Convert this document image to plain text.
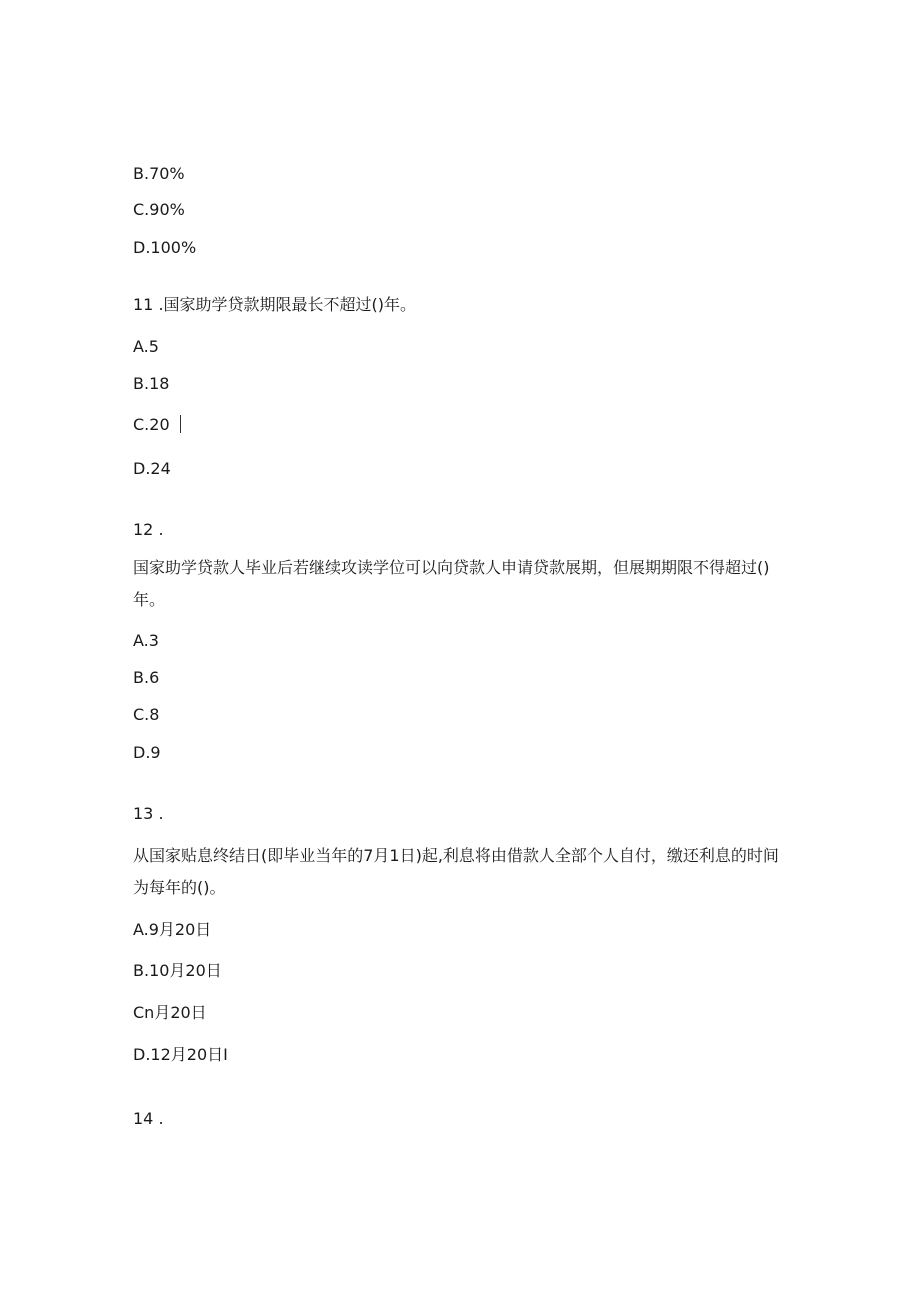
B.70%
C.90%
D.100%
11 .国家助学贷款期限最长不超过()年。
A.5
B.18
C.20
D.24
12 .
国家助学贷款人毕业后若继续攻读学位可以向贷款人申请贷款展期，但展期期限不得超过()年。
A.3
B.6
C.8
D.9
13 .
从国家贴息终结日(即毕业当年的7月1日)起,利息将由借款人全部个人自付，缴还利息的时间为每年的()。
A.9月20日
B.10月20日
Cn月20日
D.12月20日I
14 .
